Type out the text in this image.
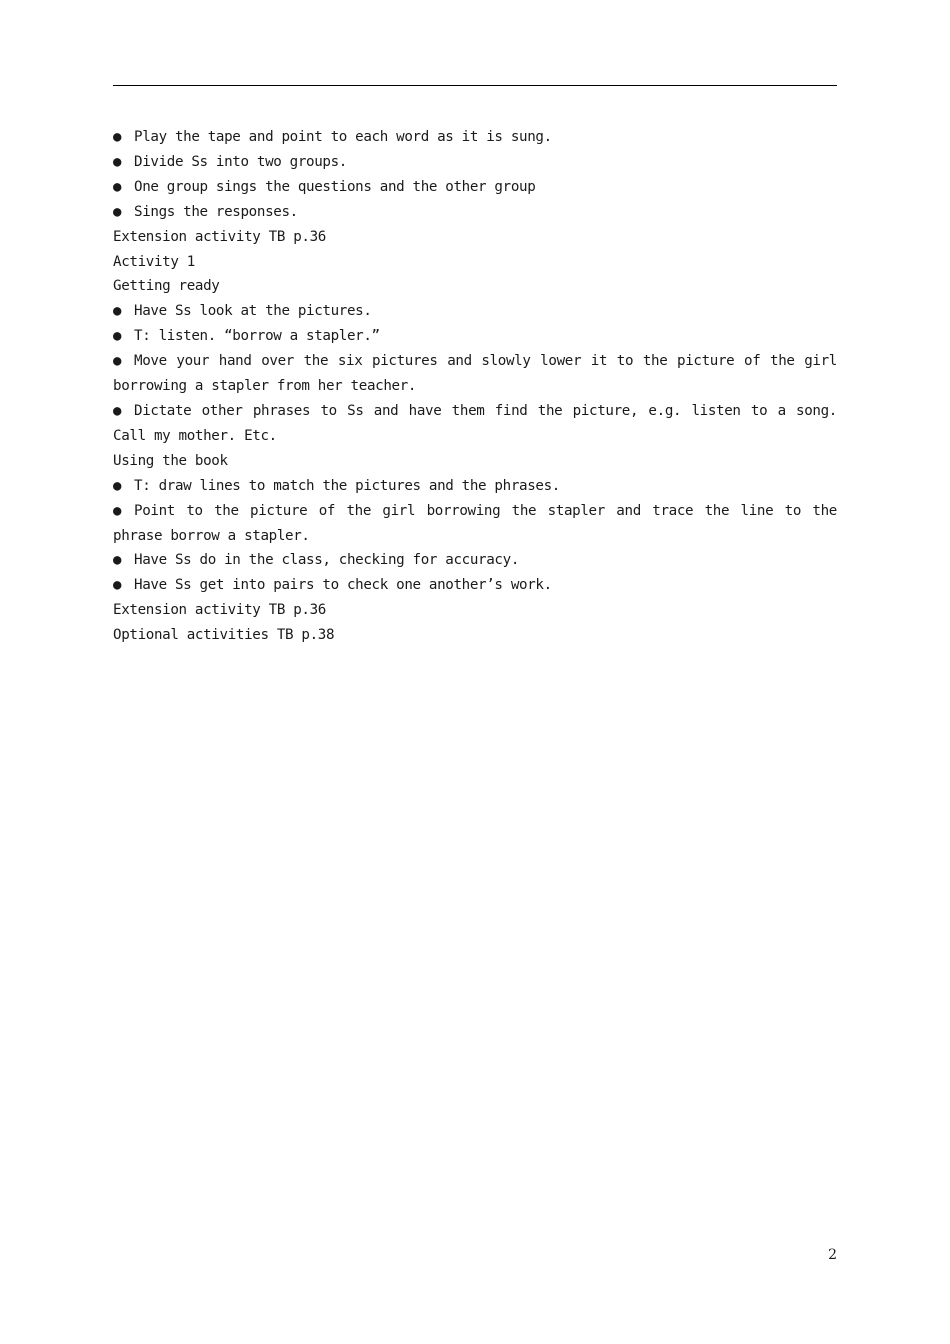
● Play the tape and point to each word as it is sung.

● Divide Ss into two groups.

● One group sings the questions and the other group

● Sings the responses.

Extension activity TB p.36

Activity 1

Getting ready

● Have Ss look at the pictures.

● T: listen. “borrow a stapler.”

● Move your hand over the six pictures and slowly lower it to the picture of the girl borrowing a stapler from her teacher.

● Dictate other phrases to Ss and have them find the picture, e.g. listen to a song. Call my mother. Etc.

Using the book

● T: draw lines to match the pictures and the phrases.

● Point to the picture of the girl borrowing the stapler and trace the line to the phrase borrow a stapler.

● Have Ss do in the class, checking for accuracy.

● Have Ss get into pairs to check one another’s work.

Extension activity TB p.36

Optional activities TB p.38

2
